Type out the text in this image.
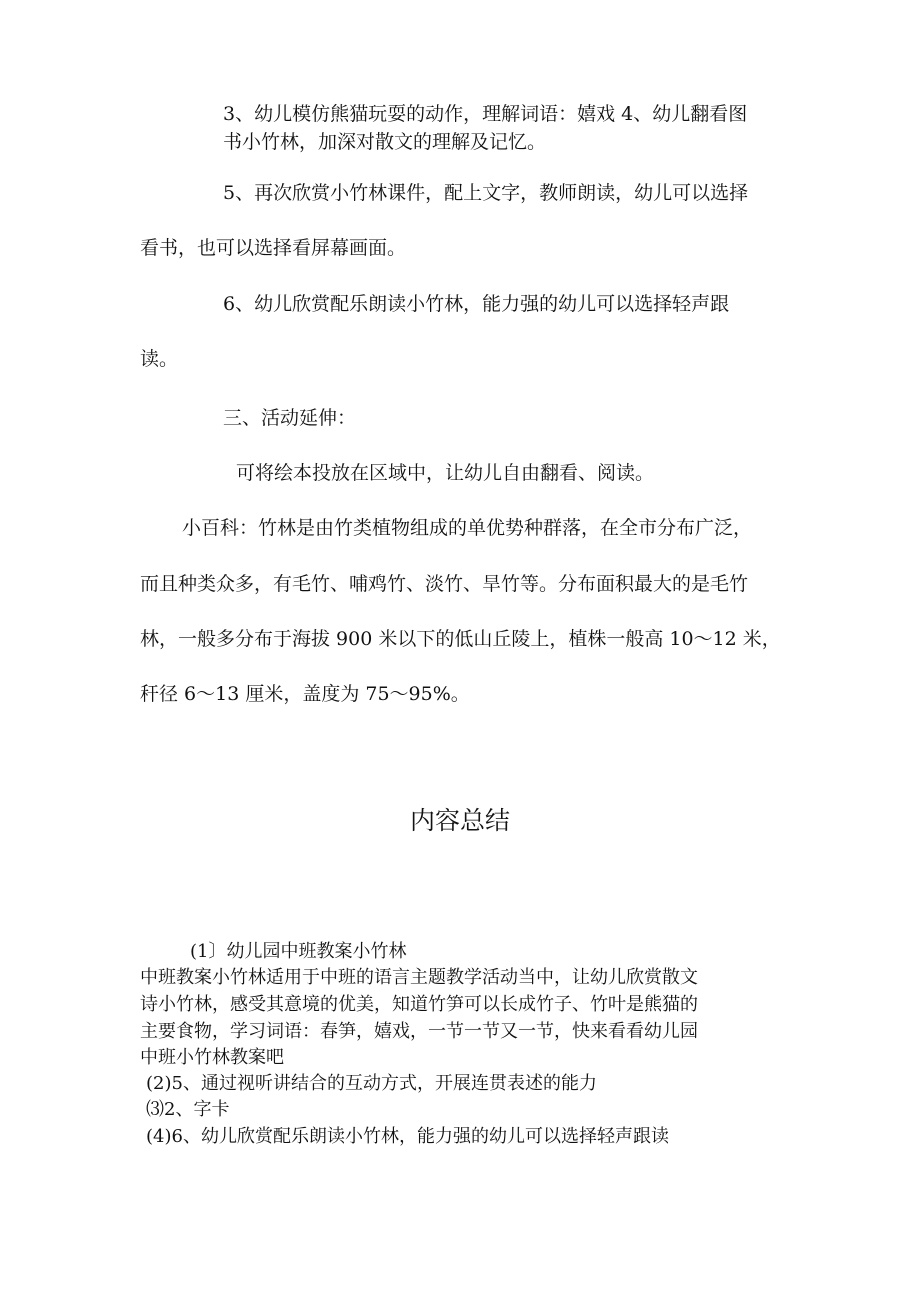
3、幼儿模仿熊猫玩耍的动作，理解词语：嬉戏 4、幼儿翻看图

书小竹林，加深对散文的理解及记忆。

5、再次欣赏小竹林课件，配上文字，教师朗读，幼儿可以选择

看书，也可以选择看屏幕画面。

6、幼儿欣赏配乐朗读小竹林，能力强的幼儿可以选择轻声跟

读。

三、活动延伸：

可将绘本投放在区域中，让幼儿自由翻看、阅读。

小百科：竹林是由竹类植物组成的单优势种群落，在全市分布广泛，

而且种类众多，有毛竹、哺鸡竹、淡竹、旱竹等。分布面积最大的是毛竹

林，一般多分布于海拔 900 米以下的低山丘陵上，植株一般高 10～12 米，

秆径 6～13 厘米，盖度为 75～95%。

内容总结

(1〕幼儿园中班教案小竹林

中班教案小竹林适用于中班的语言主题教学活动当中，让幼儿欣赏散文

诗小竹林，感受其意境的优美，知道竹笋可以长成竹子、竹叶是熊猫的

主要食物，学习词语：春笋，嬉戏，一节一节又一节，快来看看幼儿园

中班小竹林教案吧

(2)5、通过视听讲结合的互动方式，开展连贯表述的能力

⑶2、字卡

(4)6、幼儿欣赏配乐朗读小竹林，能力强的幼儿可以选择轻声跟读
